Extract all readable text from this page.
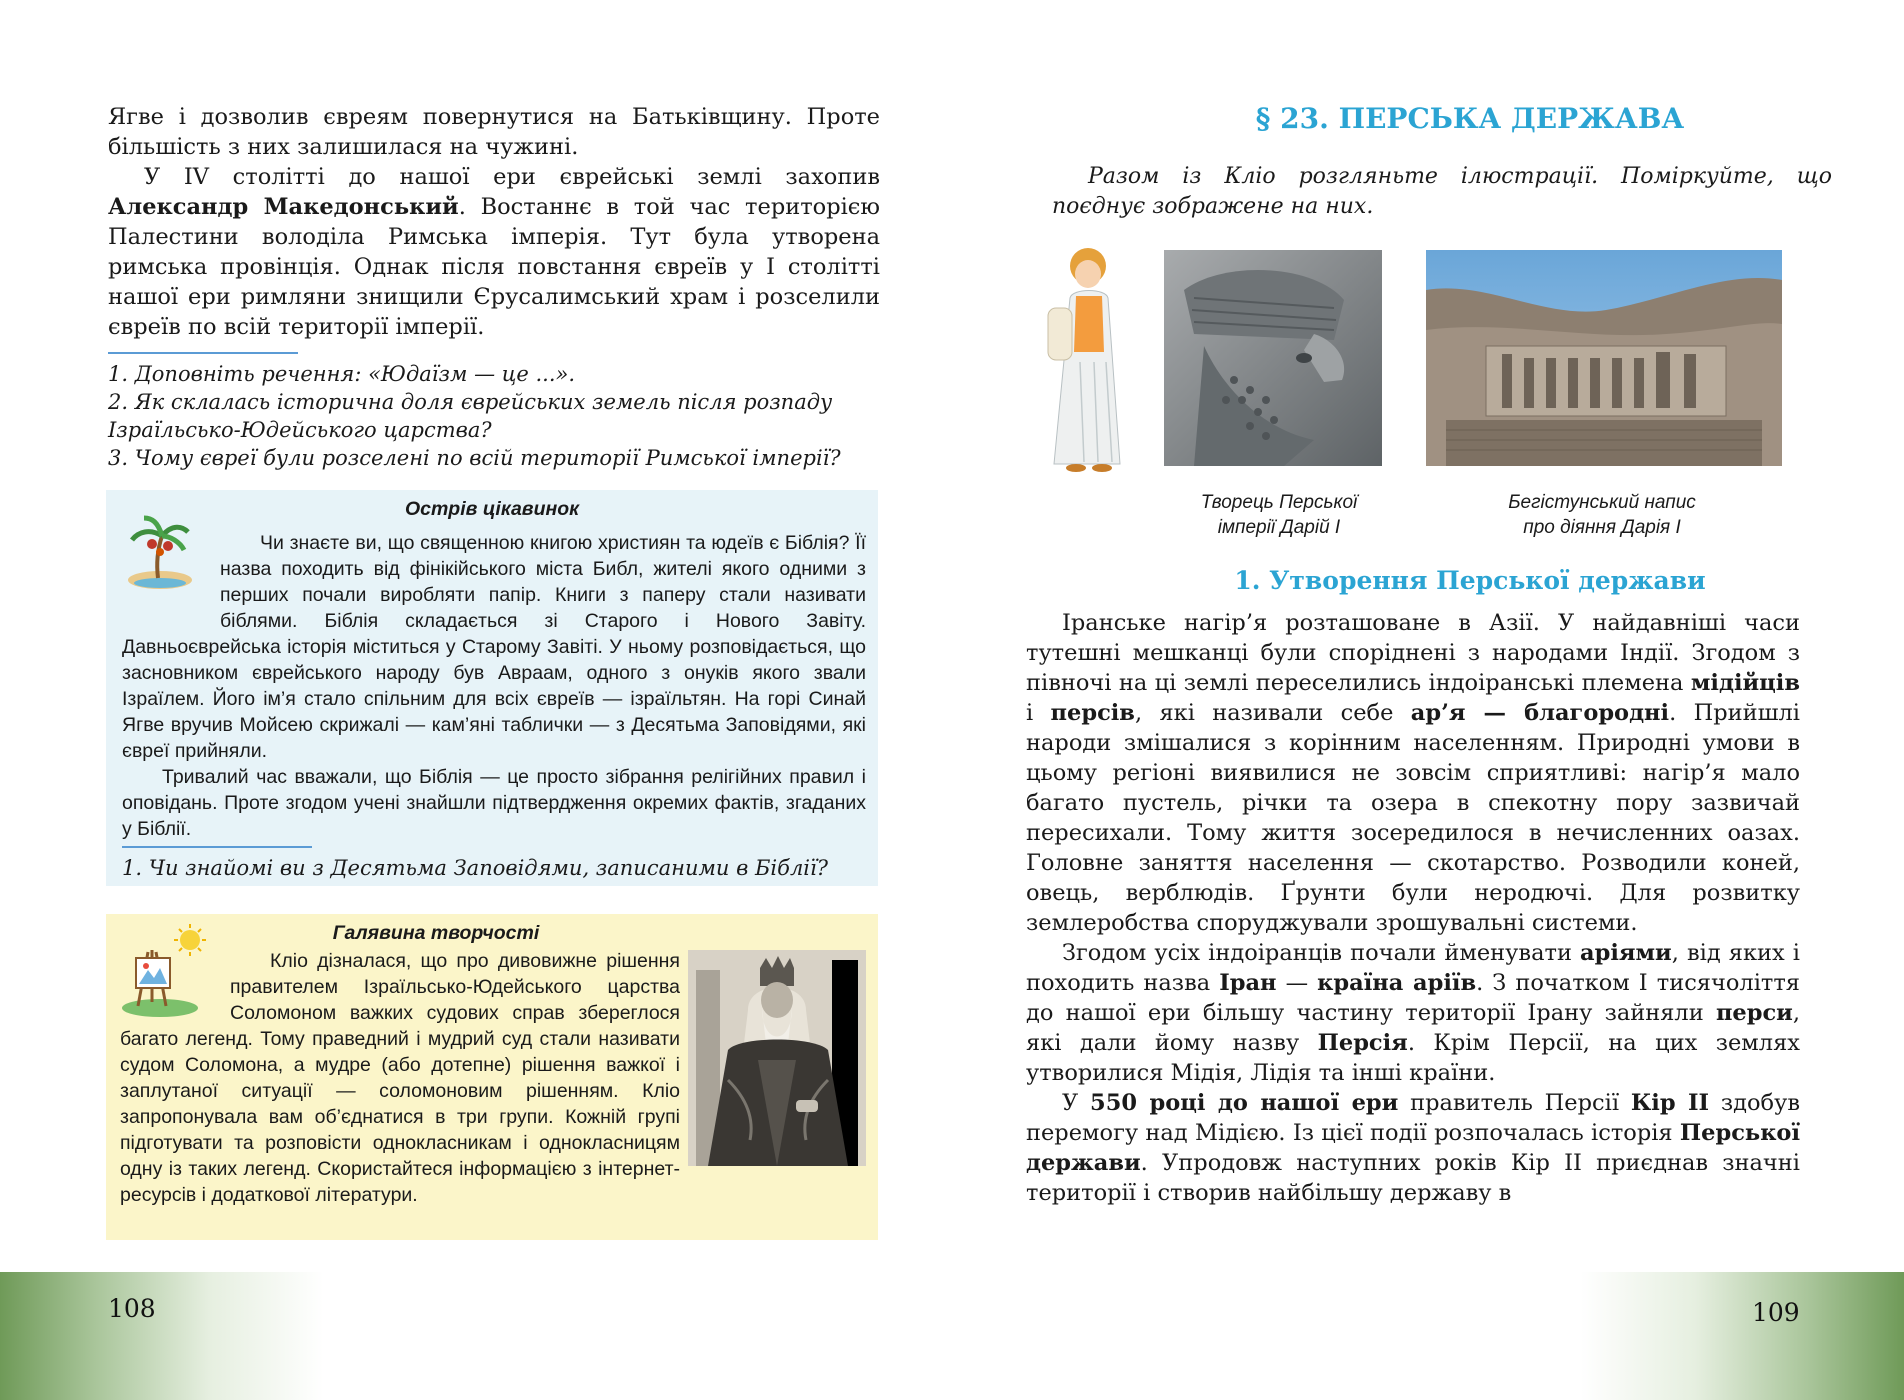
Ягве і дозволив євреям повернутися на Батьківщину. Проте більшість з них залишилася на чужині.

У IV столітті до нашої ери єврейські землі захопив Александр Македонський. Востаннє в той час територією Палестини володіла Римська імперія. Тут була утворена римська провінція. Однак після повстання євреїв у I столітті нашої ери римляни знищили Єрусалимський храм і розселили євреїв по всій території імперії.

1. Доповніть речення: «Юдаїзм — це ...».

2. Як склалась історична доля єврейських земель після розпаду Ізраїльсько-Юдейського царства?

3. Чому євреї були розселені по всій території Римської імперії?

Острів цікавинок

Чи знаєте ви, що священною книгою християн та юдеїв є Біблія? Її назва походить від фінікійського міста Библ, жителі якого одними з перших почали виробляти папір. Книги з паперу стали називати біблями. Біблія складається зі Старого і Нового Завіту. Давньоєврейська історія міститься у Старому Завіті. У ньому розповідається, що засновником єврейського народу був Авраам, одного з онуків якого звали Ізраїлем. Його ім’я стало спільним для всіх євреїв — ізраїльтян. На горі Синай Ягве вручив Мойсею скрижалі — кам’яні таблички — з Десятьма Заповідями, які євреї прийняли.

Тривалий час вважали, що Біблія — це просто зібрання релігійних правил і оповідань. Проте згодом учені знайшли підтвердження окремих фактів, згаданих у Біблії.

1. Чи знайомі ви з Десятьма Заповідями, записаними в Біблії?

Галявина творчості

Кліо дізналася, що про дивовижне рішення правителем Ізраїльсько-Юдейського царства Соломоном важких судових справ збереглося багато легенд. Тому праведний і мудрий суд стали називати судом Соломона, а мудре (або дотепне) рішення важкої і заплутаної ситуації — соломоновим рішенням. Кліо запропонувала вам об’єднатися в три групи. Кожній групі підготувати та розповісти однокласникам і однокласницям одну із таких легенд. Скористайтеся інформацією з інтернет-ресурсів і додаткової літератури.

108
§ 23. ПЕРСЬКА ДЕРЖАВА

Разом із Кліо розгляньте ілюстрації. Поміркуйте, що поєднує зображене на них.

Творець Перської
імперії Дарій I
Бегістунський напис
про діяння Дарія I
1. Утворення Перської держави

Іранське нагір’я розташоване в Азії. У найдавніші часи тутешні мешканці були споріднені з народами Індії. Згодом з півночі на ці землі переселились індоіранські племена мідійців і персів, які називали себе ар’я — благородні. Прийшлі народи змішалися з корінним населенням. Природні умови в цьому регіоні виявилися не зовсім сприятливі: нагір’я мало багато пустель, річки та озера в спекотну пору зазвичай пересихали. Тому життя зосередилося в нечисленних оазах. Головне заняття населення — скотарство. Розводили коней, овець, верблюдів. Ґрунти були неродючі. Для розвитку землеробства споруджували зрошувальні системи.

Згодом усіх індоіранців почали йменувати аріями, від яких і походить назва Іран — країна аріїв. З початком I тисячоліття до нашої ери більшу частину території Ірану зайняли перси, які дали йому назву Персія. Крім Персії, на цих землях утворилися Мідія, Лідія та інші країни.

У 550 році до нашої ери правитель Персії Кір II здобув перемогу над Мідією. Із цієї події розпочалась історія Перської держави. Упродовж наступних років Кір II приєднав значні території і створив найбільшу державу в

109
